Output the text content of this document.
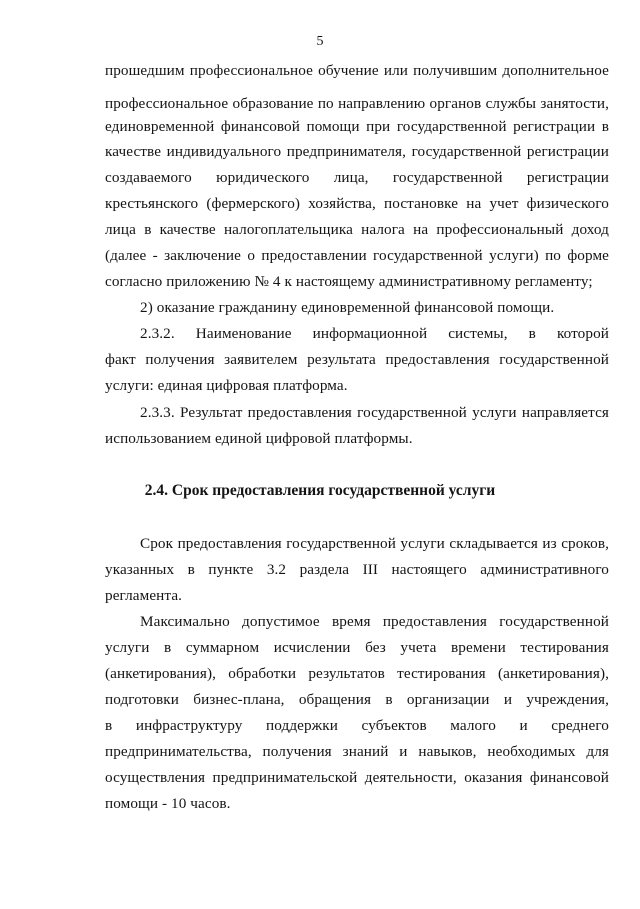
5
прошедшим профессиональное обучение или получившим дополнительное
профессиональное образование по направлению органов службы занятости,
единовременной финансовой помощи при государственной регистрации в
качестве индивидуального предпринимателя, государственной регистрации
создаваемого юридического лица, государственной регистрации
крестьянского (фермерского) хозяйства, постановке на учет физического
лица в качестве налогоплательщика налога на профессиональный доход
(далее - заключение о предоставлении государственной услуги) по форме
согласно приложению № 4 к настоящему административному регламенту;
2) оказание гражданину единовременной финансовой помощи.
2.3.2. Наименование информационной системы, в которой
факт получения заявителем результата предоставления государственной
услуги: единая цифровая платформа.
2.3.3. Результат предоставления государственной услуги направляется
использованием единой цифровой платформы.
2.4. Срок предоставления государственной услуги
Срок предоставления государственной услуги складывается из сроков,
указанных в пункте 3.2 раздела III настоящего административного
регламента.
Максимально допустимое время предоставления государственной
услуги в суммарном исчислении без учета времени тестирования
(анкетирования), обработки результатов тестирования (анкетирования),
подготовки бизнес-плана, обращения в организации и учреждения,
в инфраструктуру поддержки субъектов малого и среднего
предпринимательства, получения знаний и навыков, необходимых для
осуществления предпринимательской деятельности, оказания финансовой
помощи - 10 часов.
